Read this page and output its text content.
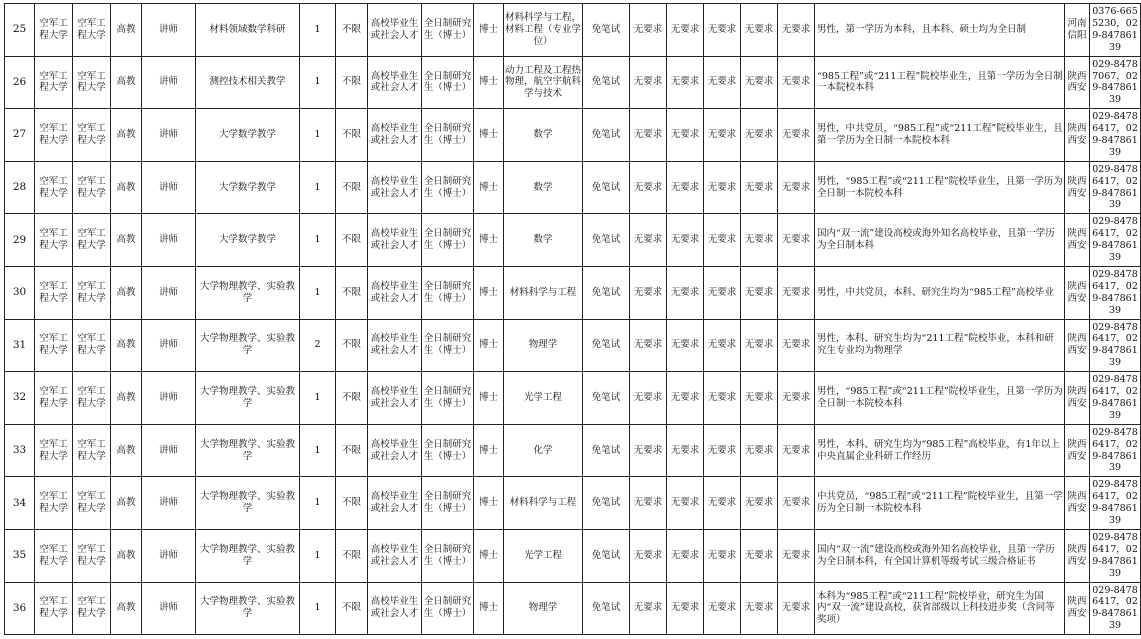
25	空军工程大学	空军工程大学	高教	讲师	材料领域数学科研	1	不限	高校毕业生或社会人才	全日制研究生（博士）	博士	材料科学与工程，材料工程（专业学位）	免笔试	无要求	无要求	无要求	无要求	无要求	男性，第一学历为本科，且本科、硕士均为全日制	河南信阳	0376-6655230，029-84786139
26	空军工程大学	空军工程大学	高教	讲师	测控技术相关教学	1	不限	高校毕业生或社会人才	全日制研究生（博士）	博士	动力工程及工程热物理，航空宇航科学与技术	免笔试	无要求	无要求	无要求	无要求	无要求	“985工程”或“211工程”院校毕业生，且第一学历为全日制一本院校本科	陕西西安	029-84787067，029-84786139
27	空军工程大学	空军工程大学	高教	讲师	大学数学教学	1	不限	高校毕业生或社会人才	全日制研究生（博士）	博士	数学	免笔试	无要求	无要求	无要求	无要求	无要求	男性，中共党员，“985工程”或“211工程”院校毕业生，且第一学历为全日制一本院校本科	陕西西安	029-84786417，029-84786139
28	空军工程大学	空军工程大学	高教	讲师	大学数学教学	1	不限	高校毕业生或社会人才	全日制研究生（博士）	博士	数学	免笔试	无要求	无要求	无要求	无要求	无要求	男性，“985工程”或“211工程”院校毕业生，且第一学历为全日制一本院校本科	陕西西安	029-84786417，029-84786139
29	空军工程大学	空军工程大学	高教	讲师	大学数学教学	1	不限	高校毕业生或社会人才	全日制研究生（博士）	博士	数学	免笔试	无要求	无要求	无要求	无要求	无要求	国内“双一流”建设高校或海外知名高校毕业，且第一学历为全日制本科	陕西西安	029-84786417，029-84786139
30	空军工程大学	空军工程大学	高教	讲师	大学物理教学、实验教学	1	不限	高校毕业生或社会人才	全日制研究生（博士）	博士	材料科学与工程	免笔试	无要求	无要求	无要求	无要求	无要求	男性，中共党员，本科、研究生均为“985工程”高校毕业	陕西西安	029-84786417，029-84786139
31	空军工程大学	空军工程大学	高教	讲师	大学物理教学、实验教学	2	不限	高校毕业生或社会人才	全日制研究生（博士）	博士	物理学	免笔试	无要求	无要求	无要求	无要求	无要求	男性，本科、研究生均为“211工程”院校毕业，本科和研究生专业均为物理学	陕西西安	029-84786417，029-84786139
32	空军工程大学	空军工程大学	高教	讲师	大学物理教学、实验教学	1	不限	高校毕业生或社会人才	全日制研究生（博士）	博士	光学工程	免笔试	无要求	无要求	无要求	无要求	无要求	男性，“985工程”或“211工程”院校毕业生，且第一学历为全日制一本院校本科	陕西西安	029-84786417，029-84786139
33	空军工程大学	空军工程大学	高教	讲师	大学物理教学、实验教学	1	不限	高校毕业生或社会人才	全日制研究生（博士）	博士	化学	免笔试	无要求	无要求	无要求	无要求	无要求	男性，本科、研究生均为“985工程”高校毕业，有1年以上中央直属企业科研工作经历	陕西西安	029-84786417，029-84786139
34	空军工程大学	空军工程大学	高教	讲师	大学物理教学、实验教学	1	不限	高校毕业生或社会人才	全日制研究生（博士）	博士	材料科学与工程	免笔试	无要求	无要求	无要求	无要求	无要求	中共党员，“985工程”或“211工程”院校毕业生，且第一学历为全日制一本院校本科	陕西西安	029-84786417，029-84786139
35	空军工程大学	空军工程大学	高教	讲师	大学物理教学、实验教学	1	不限	高校毕业生或社会人才	全日制研究生（博士）	博士	光学工程	免笔试	无要求	无要求	无要求	无要求	无要求	国内“双一流”建设高校或海外知名高校毕业，且第一学历为全日制本科，有全国计算机等级考试三级合格证书	陕西西安	029-84786417，029-84786139
36	空军工程大学	空军工程大学	高教	讲师	大学物理教学、实验教学	1	不限	高校毕业生或社会人才	全日制研究生（博士）	博士	物理学	免笔试	无要求	无要求	无要求	无要求	无要求	本科为“985工程”或“211工程”院校毕业，研究生为国内“双一流”建设高校，获省部级以上科技进步奖（含同等奖项）	陕西西安	029-84786417，029-84786139
